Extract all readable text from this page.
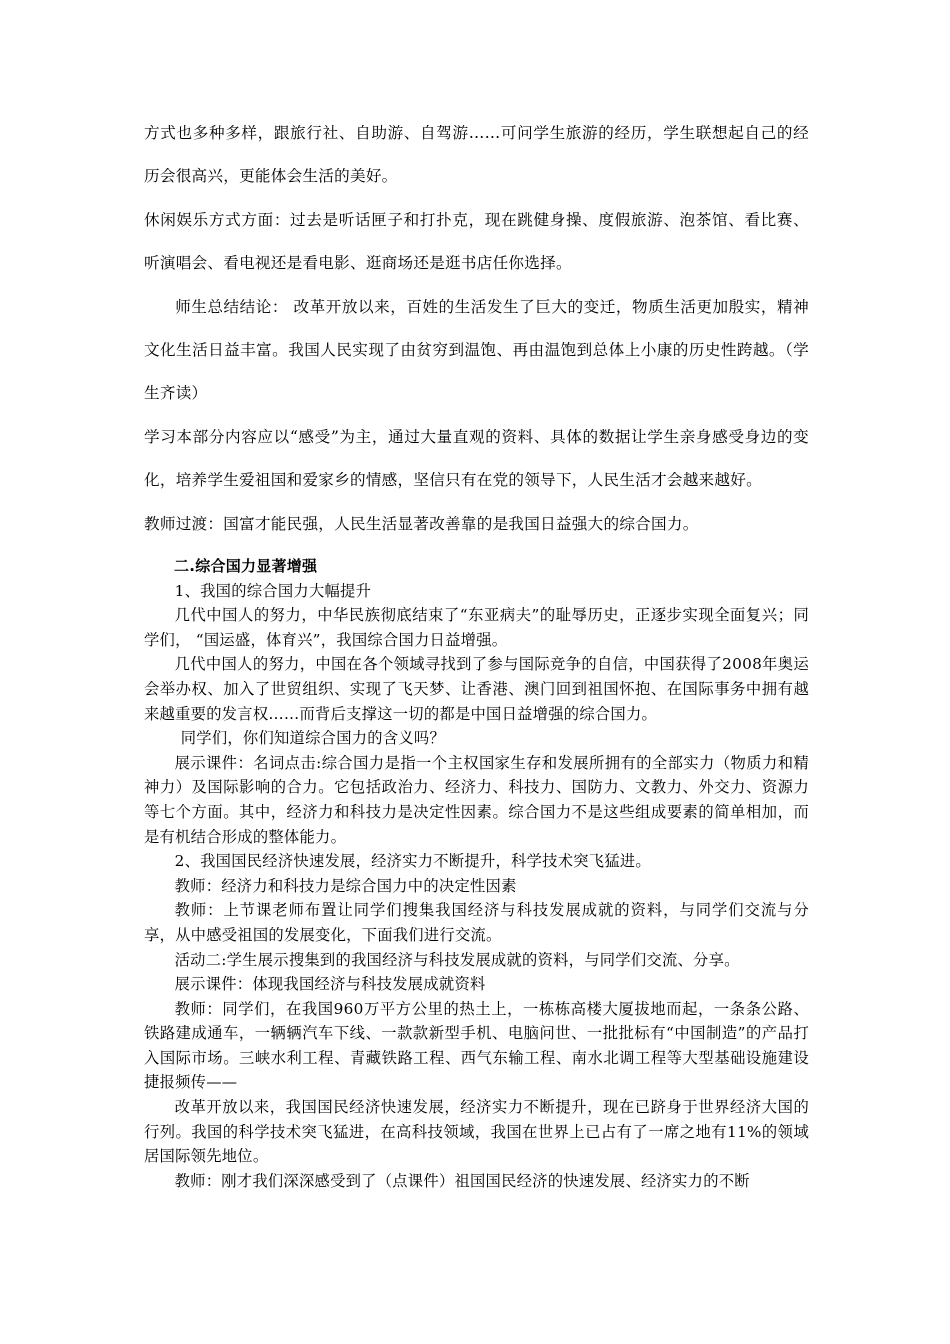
方式也多种多样，跟旅行社、自助游、自驾游……可问学生旅游的经历，学生联想起自己的经历会很高兴，更能体会生活的美好。

休闲娱乐方式方面：过去是听话匣子和打扑克，现在跳健身操、度假旅游、泡茶馆、看比赛、听演唱会、看电视还是看电影、逛商场还是逛书店任你选择。

师生总结结论： 改革开放以来，百姓的生活发生了巨大的变迁，物质生活更加殷实，精神文化生活日益丰富。我国人民实现了由贫穷到温饱、再由温饱到总体上小康的历史性跨越。（学生齐读）

学习本部分内容应以“感受”为主，通过大量直观的资料、具体的数据让学生亲身感受身边的变化，培养学生爱祖国和爱家乡的情感，坚信只有在党的领导下，人民生活才会越来越好。

教师过渡：国富才能民强，人民生活显著改善靠的是我国日益强大的综合国力。

二.综合国力显著增强

1、我国的综合国力大幅提升

几代中国人的努力，中华民族彻底结束了“东亚病夫”的耻辱历史，正逐步实现全面复兴；同学们， “国运盛，体育兴”，我国综合国力日益增强。

几代中国人的努力，中国在各个领域寻找到了参与国际竞争的自信，中国获得了2008年奥运会举办权、加入了世贸组织、实现了飞天梦、让香港、澳门回到祖国怀抱、在国际事务中拥有越来越重要的发言权……而背后支撑这一切的都是中国日益增强的综合国力。

同学们，你们知道综合国力的含义吗？

展示课件：名词点击:综合国力是指一个主权国家生存和发展所拥有的全部实力（物质力和精神力）及国际影响的合力。它包括政治力、经济力、科技力、国防力、文教力、外交力、资源力等七个方面。其中，经济力和科技力是决定性因素。综合国力不是这些组成要素的简单相加，而是有机结合形成的整体能力。

2、我国国民经济快速发展，经济实力不断提升，科学技术突飞猛进。

教师：经济力和科技力是综合国力中的决定性因素

教师：上节课老师布置让同学们搜集我国经济与科技发展成就的资料，与同学们交流与分享，从中感受祖国的发展变化，下面我们进行交流。

活动二:学生展示搜集到的我国经济与科技发展成就的资料，与同学们交流、分享。

展示课件：体现我国经济与科技发展成就资料

教师：同学们，在我国960万平方公里的热土上，一栋栋高楼大厦拔地而起，一条条公路、铁路建成通车，一辆辆汽车下线、一款款新型手机、电脑问世、一批批标有“中国制造”的产品打入国际市场。三峡水利工程、青藏铁路工程、西气东输工程、南水北调工程等大型基础设施建设捷报频传——

改革开放以来，我国国民经济快速发展，经济实力不断提升，现在已跻身于世界经济大国的行列。我国的科学技术突飞猛进，在高科技领域，我国在世界上已占有了一席之地有11%的领域居国际领先地位。

教师：刚才我们深深感受到了（点课件）祖国国民经济的快速发展、经济实力的不断
